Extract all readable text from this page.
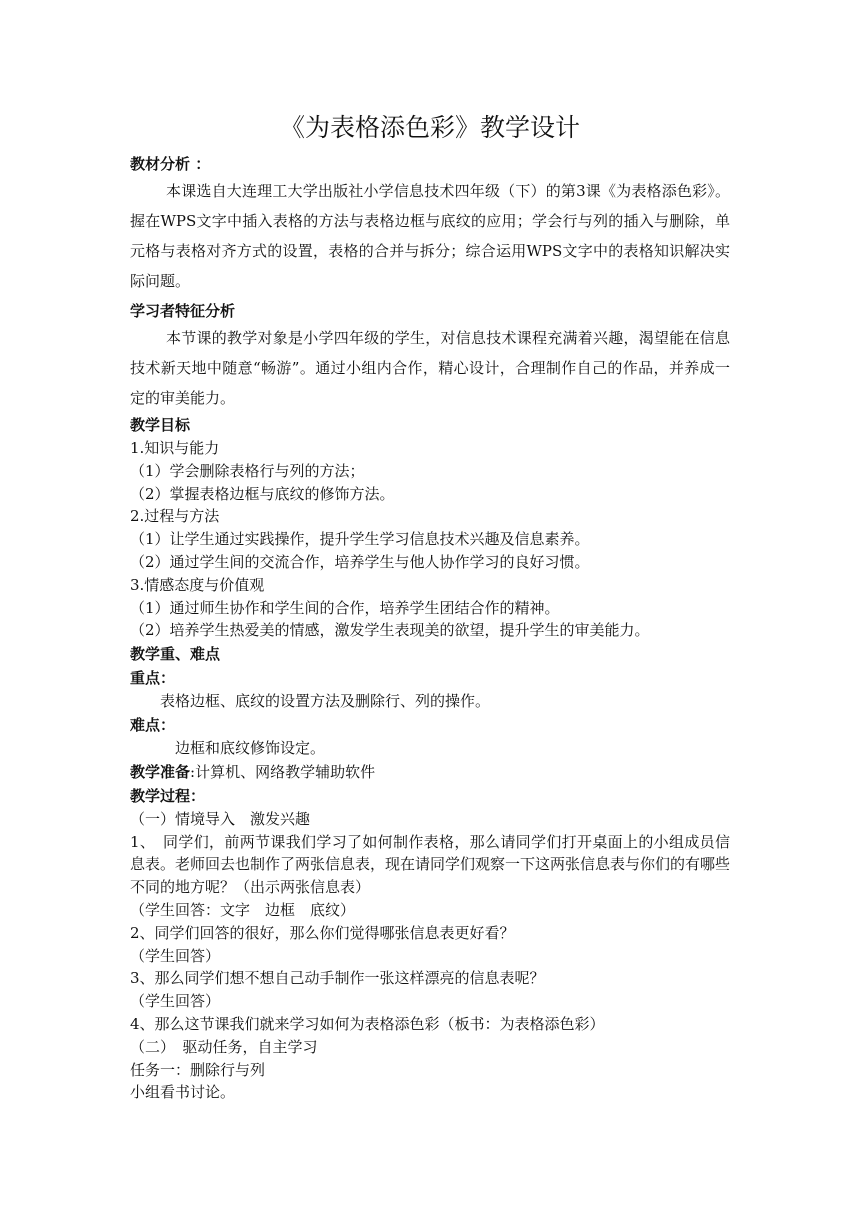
《为表格添色彩》教学设计

教材分析 ：

本课选自大连理工大学出版社小学信息技术四年级（下）的第3课《为表格添色彩》。握在WPS文字中插入表格的方法与表格边框与底纹的应用；学会行与列的插入与删除，单元格与表格对齐方式的设置，表格的合并与拆分；综合运用WPS文字中的表格知识解决实际问题。

学习者特征分析

本节课的教学对象是小学四年级的学生，对信息技术课程充满着兴趣，渴望能在信息技术新天地中随意“畅游”。通过小组内合作，精心设计，合理制作自己的作品，并养成一定的审美能力。

教学目标

1.知识与能力

（1）学会删除表格行与列的方法；

（2）掌握表格边框与底纹的修饰方法。

2.过程与方法

（1）让学生通过实践操作，提升学生学习信息技术兴趣及信息素养。

（2）通过学生间的交流合作，培养学生与他人协作学习的良好习惯。

3.情感态度与价值观

（1）通过师生协作和学生间的合作，培养学生团结合作的精神。

（2）培养学生热爱美的情感，激发学生表现美的欲望，提升学生的审美能力。

教学重、难点

重点：

表格边框、底纹的设置方法及删除行、列的操作。

难点：

边框和底纹修饰设定。

教学准备:计算机、网络教学辅助软件

教学过程：

（一）情境导入　激发兴趣

1、　同学们，前两节课我们学习了如何制作表格，那么请同学们打开桌面上的小组成员信息表。老师回去也制作了两张信息表，现在请同学们观察一下这两张信息表与你们的有哪些不同的地方呢？（出示两张信息表）

（学生回答：文字　边框　底纹）

2、同学们回答的很好，那么你们觉得哪张信息表更好看？

（学生回答）

3、那么同学们想不想自己动手制作一张这样漂亮的信息表呢？

（学生回答）

4、那么这节课我们就来学习如何为表格添色彩（板书：为表格添色彩）

（二）　驱动任务，自主学习

任务一：删除行与列

小组看书讨论。
